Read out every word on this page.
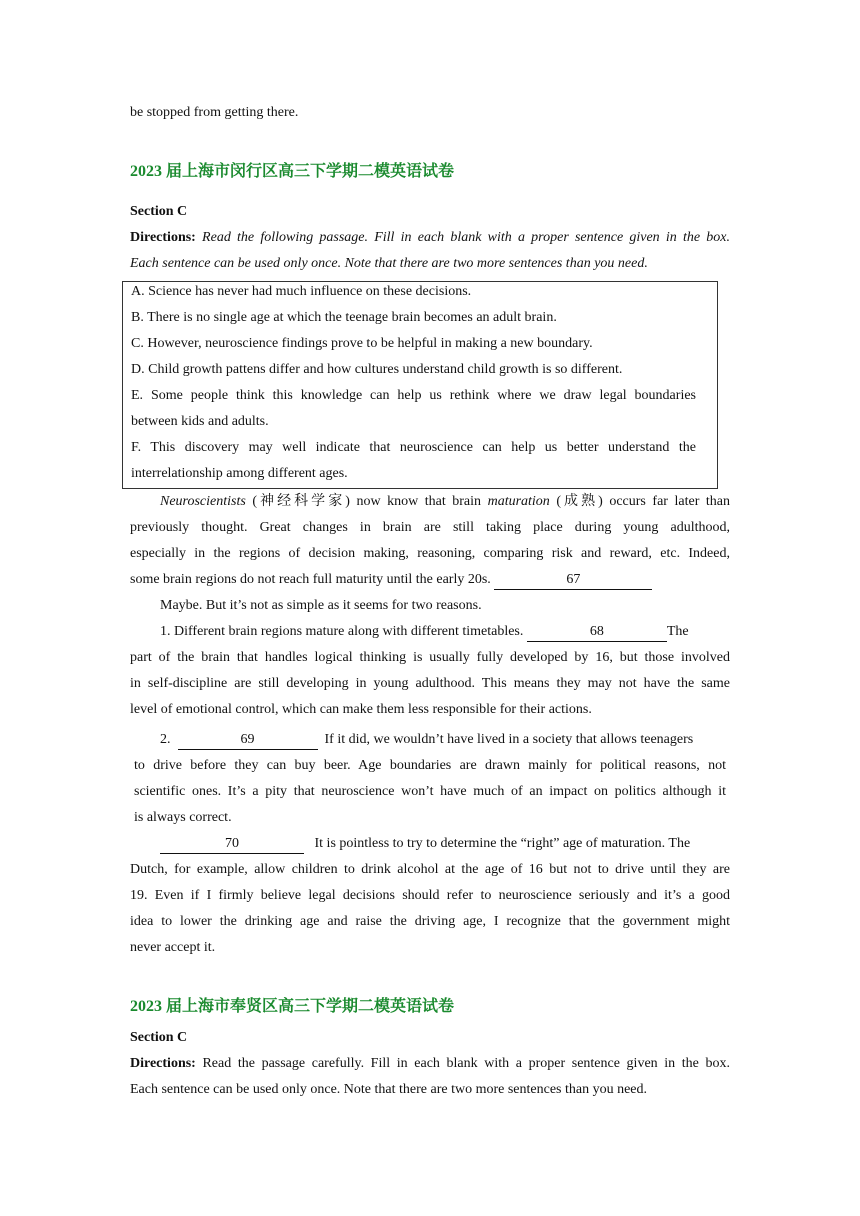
be stopped from getting there.
2023 届上海市闵行区高三下学期二模英语试卷
Section C
Directions: Read the following passage. Fill in each blank with a proper sentence given in the box.
Each sentence can be used only once. Note that there are two more sentences than you need.
A. Science has never had much influence on these decisions.
B. There is no single age at which the teenage brain becomes an adult brain.
C. However, neuroscience findings prove to be helpful in making a new boundary.
D. Child growth pattens differ and how cultures understand child growth is so different.
E. Some people think this knowledge can help us rethink where we draw legal boundaries
between kids and adults.
F. This discovery may well indicate that neuroscience can help us better understand the
interrelationship among different ages.
Neuroscientists (神经科学家) now know that brain maturation (成熟) occurs far later than
previously thought. Great changes in brain are still taking place during young adulthood,
especially in the regions of decision making, reasoning, comparing risk and reward, etc. Indeed,
some brain regions do not reach full maturity until the early 20s.	67
Maybe. But it’s not as simple as it seems for two reasons.
1. Different brain regions mature along with different timetables.	68	The
part of the brain that handles logical thinking is usually fully developed by 16, but those involved
in self-discipline are still developing in young adulthood. This means they may not have the same
level of emotional control, which can make them less responsible for their actions.
2.	69	If it did, we wouldn’t have lived in a society that allows teenagers
to drive before they can buy beer. Age boundaries are drawn mainly for political reasons, not
scientific ones. It’s a pity that neuroscience won’t have much of an impact on politics although it
is always correct.
70	It is pointless to try to determine the “right” age of maturation. The
Dutch, for example, allow children to drink alcohol at the age of 16 but not to drive until they are
19. Even if I firmly believe legal decisions should refer to neuroscience seriously and it’s a good
idea to lower the drinking age and raise the driving age, I recognize that the government might
never accept it.
2023 届上海市奉贤区高三下学期二模英语试卷
Section C
Directions: Read the passage carefully. Fill in each blank with a proper sentence given in the box.
Each sentence can be used only once. Note that there are two more sentences than you need.
